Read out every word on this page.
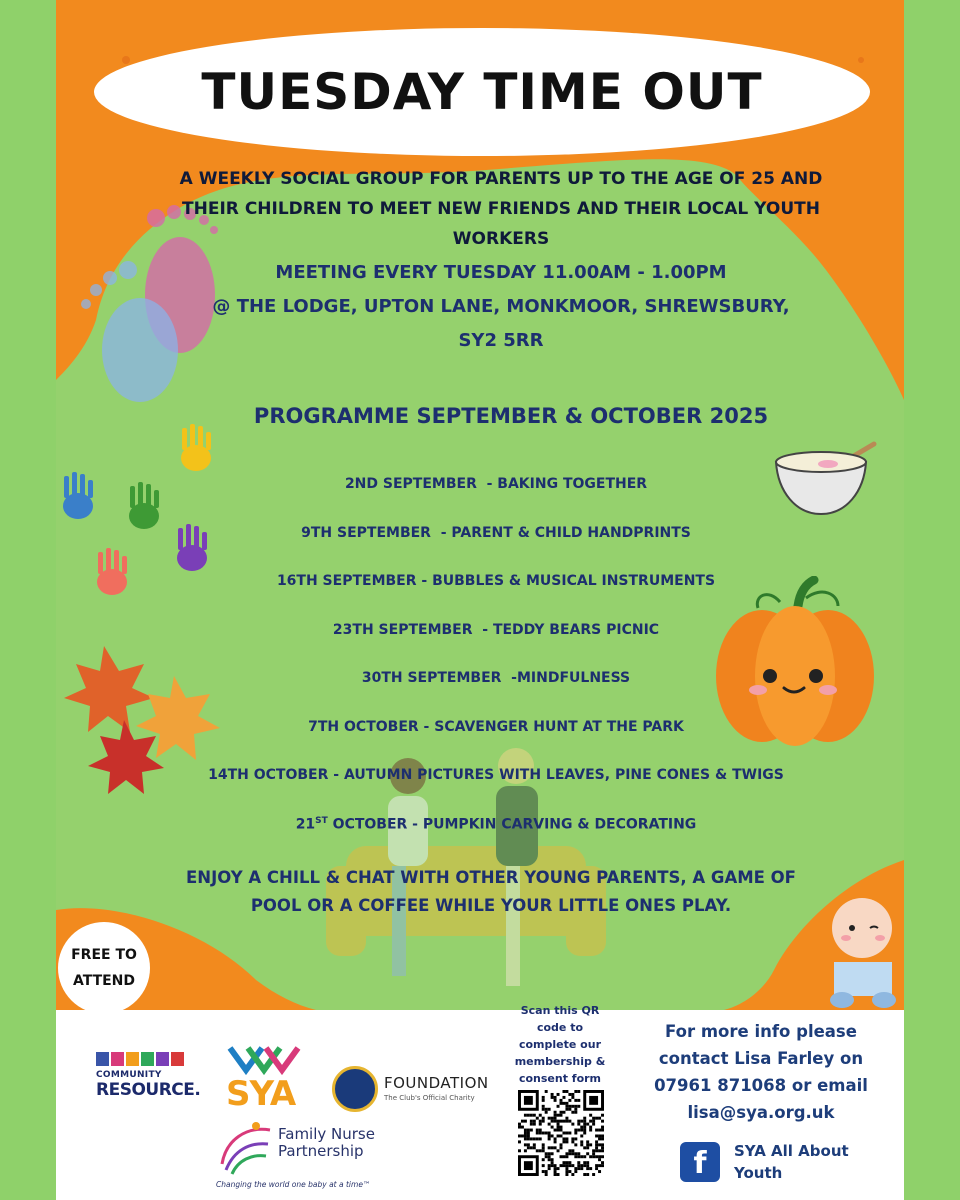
TUESDAY TIME OUT
A WEEKLY SOCIAL GROUP FOR PARENTS UP TO THE AGE OF 25 AND THEIR CHILDREN TO MEET NEW FRIENDS AND THEIR LOCAL YOUTH WORKERS
MEETING EVERY TUESDAY 11.00AM - 1.00PM
@ THE LODGE, UPTON LANE, MONKMOOR, SHREWSBURY,
SY2 5RR
PROGRAMME SEPTEMBER & OCTOBER 2025
2ND SEPTEMBER  - BAKING TOGETHER
9TH SEPTEMBER  - PARENT & CHILD HANDPRINTS
16TH SEPTEMBER - BUBBLES & MUSICAL INSTRUMENTS
23TH SEPTEMBER  - TEDDY BEARS PICNIC
30TH SEPTEMBER  -MINDFULNESS
7TH OCTOBER - SCAVENGER HUNT AT THE PARK
14TH OCTOBER - AUTUMN PICTURES WITH LEAVES, PINE CONES & TWIGS
21ST OCTOBER - PUMPKIN CARVING & DECORATING
ENJOY A CHILL & CHAT WITH OTHER YOUNG PARENTS, A GAME OF POOL OR A COFFEE WHILE YOUR LITTLE ONES PLAY.
FREE TO
ATTEND
COMMUNITY
RESOURCE. SYA	FOUNDATION
The Club's Official Charity
Family Nurse
Partnership
Changing the world one baby at a time™
Scan this QR code to complete our membership & consent form
For more info please contact Lisa Farley on 07961 871068 or email lisa@sya.org.uk
f	SYA All About Youth
